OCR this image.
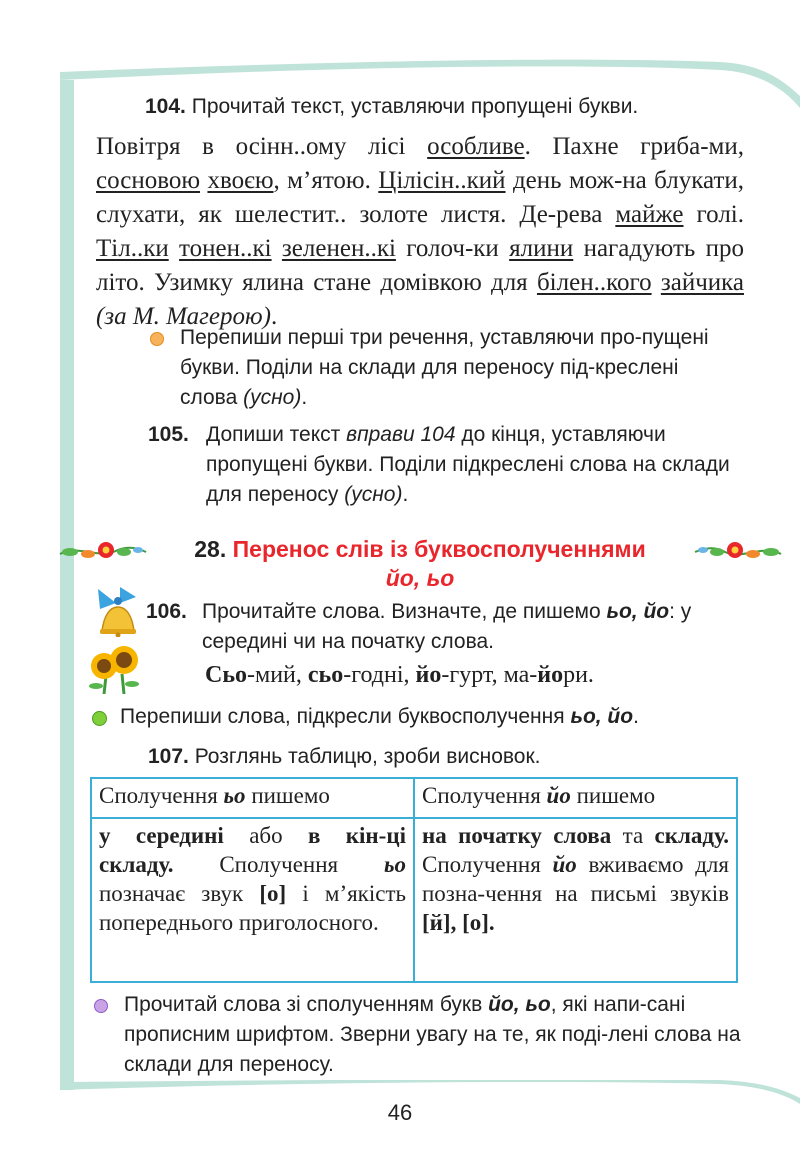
104. Прочитай текст, уставляючи пропущені букви.
Повітря в осінн..ому лісі особливе. Пахне гриба-ми, сосновою хвоєю, м’ятою. Цілісін..кий день мож-на блукати, слухати, як шелестит.. золоте листя. Де-рева майже голі. Тіл..ки тонен..кі зеленен..кі голоч-ки ялини нагадують про літо. Узимку ялина стане домівкою для білен..кого зайчика (за М. Магерою).
Перепиши перші три речення, уставляючи про-пущені букви. Поділи на склади для переносу під-креслені слова (усно).
105. Допиши текст вправи 104 до кінця, уставляючи пропущені букви. Поділи підкреслені слова на склади для переносу (усно).
28. Перенос слів із буквосполученнями
йо, ьо
106. Прочитайте слова. Визначте, де пишемо ьо, йо: у середині чи на початку слова.
Сьо-мий, сьо-годні, йо-гурт, ма-йори.
Перепиши слова, підкресли буквосполучення ьо, йо.
107. Розглянь таблицю, зроби висновок.
Сполучення ьо пишемо	Сполучення йо пишемо
у середині або в кін-ці складу. Сполучення ьо позначає звук [о] і м’якість попереднього приголосного.	на початку слова та складу. Сполучення йо вживаємо для позна-чення на письмі звуків [й], [о].
Прочитай слова зі сполученням букв йо, ьо, які напи-сані прописним шрифтом. Зверни увагу на те, як поді-лені слова на склади для переносу.
46
